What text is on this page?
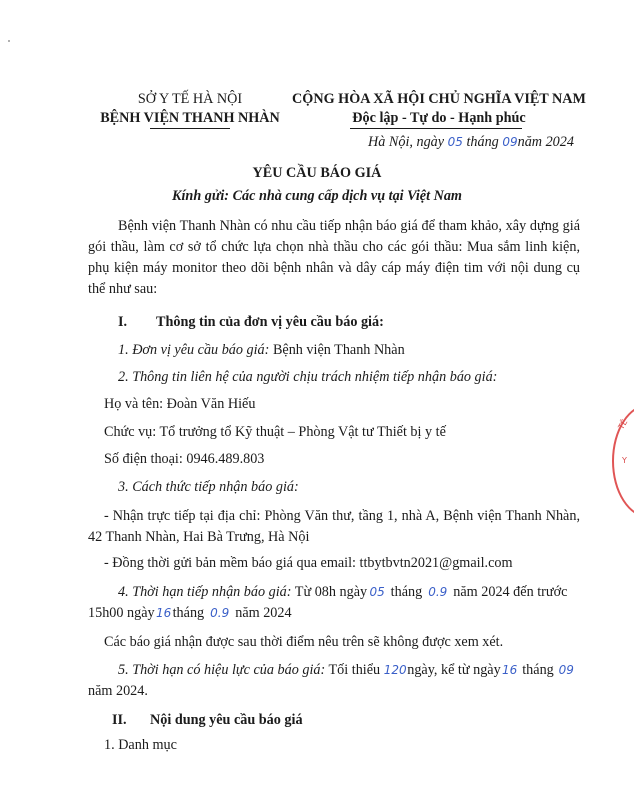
SỞ Y TẾ HÀ NỘI
BỆNH VIỆN THANH NHÀN
CỘNG HÒA XÃ HỘI CHỦ NGHĨA VIỆT NAM
Độc lập - Tự do - Hạnh phúc
Hà Nội, ngày 05 tháng 09năm 2024
YÊU CẦU BÁO GIÁ
Kính gửi: Các nhà cung cấp dịch vụ tại Việt Nam
Bệnh viện Thanh Nhàn có nhu cầu tiếp nhận báo giá để tham khảo, xây dựng giá gói thầu, làm cơ sở tổ chức lựa chọn nhà thầu cho các gói thầu: Mua sắm linh kiện, phụ kiện máy monitor theo dõi bệnh nhân và dây cáp máy điện tim với nội dung cụ thể như sau:
I. Thông tin của đơn vị yêu cầu báo giá:
1. Đơn vị yêu cầu báo giá: Bệnh viện Thanh Nhàn
2. Thông tin liên hệ của người chịu trách nhiệm tiếp nhận báo giá:
Họ và tên: Đoàn Văn Hiếu
Chức vụ: Tổ trưởng tổ Kỹ thuật – Phòng Vật tư Thiết bị y tế
Số điện thoại: 0946.489.803
3. Cách thức tiếp nhận báo giá:
- Nhận trực tiếp tại địa chỉ: Phòng Văn thư, tầng 1, nhà A, Bệnh viện Thanh Nhàn, 42 Thanh Nhàn, Hai Bà Trưng, Hà Nội
- Đồng thời gửi bản mềm báo giá qua email: ttbytbvtn2021@gmail.com
4. Thời hạn tiếp nhận báo giá: Từ 08h ngày 05 tháng 0.9 năm 2024 đến trước
15h00 ngày16tháng 0.9 năm 2024
Các báo giá nhận được sau thời điểm nêu trên sẽ không được xem xét.
5. Thời hạn có hiệu lực của báo giá: Tối thiểu 120 ngày, kể từ ngày16 tháng 09
năm 2024.
II. Nội dung yêu cầu báo giá
1. Danh mục
TÊ
Y
